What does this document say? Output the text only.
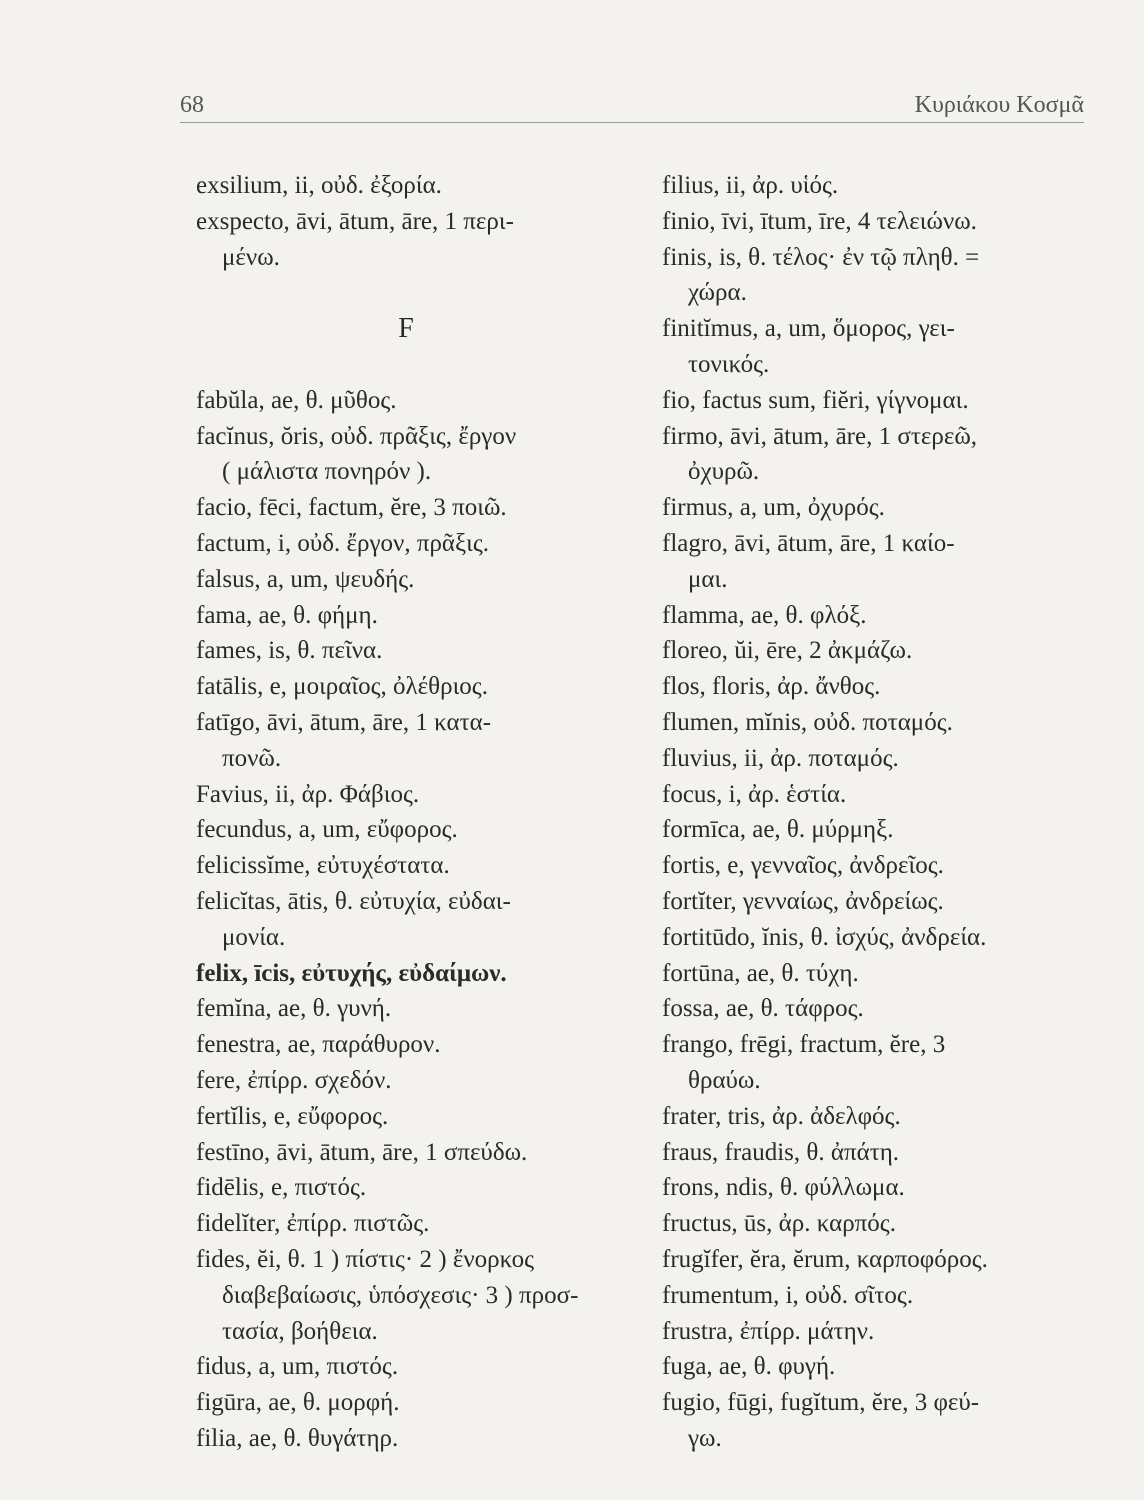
68	Κυριάκου Κοσμᾶ
exsilium, ii, οὐδ. ἐξορία.
exspecto, āvi, ātum, āre, 1 περι-
μένω.
F
fabŭla, ae, θ. μῦθος.
facĭnus, ŏris, οὐδ. πρᾶξις, ἔργον
( μάλιστα πονηρόν ).
facio, fēci, factum, ĕre, 3 ποιῶ.
factum, i, οὐδ. ἔργον, πρᾶξις.
falsus, a, um, ψευδής.
fama, ae, θ. φήμη.
fames, is, θ. πεῖνα.
fatālis, e, μοιραῖος, ὀλέθριος.
fatīgo, āvi, ātum, āre, 1 κατα-
πονῶ.
Favius, ii, ἀρ. Φάβιος.
fecundus, a, um, εὔφορος.
felicissĭme, εὐτυχέστατα.
felicĭtas, ātis, θ. εὐτυχία, εὐδαι-
μονία.
felix, īcis, εὐτυχής, εὐδαίμων.
femĭna, ae, θ. γυνή.
fenestra, ae, παράθυρον.
fere, ἐπίρρ. σχεδόν.
fertĭlis, e, εὔφορος.
festīno, āvi, ātum, āre, 1 σπεύδω.
fidēlis, e, πιστός.
fidelĭter, ἐπίρρ. πιστῶς.
fides, ĕi, θ. 1 ) πίστις· 2 ) ἔνορκος
διαβεβαίωσις, ὑπόσχεσις· 3 ) προσ-
τασία, βοήθεια.
fidus, a, um, πιστός.
figūra, ae, θ. μορφή.
filia, ae, θ. θυγάτηρ.
filius, ii, ἀρ. υἱός.
finio, īvi, ītum, īre, 4 τελειώνω.
finis, is, θ. τέλος· ἐν τῷ πληθ. =
χώρα.
finitĭmus, a, um, ὅμορος, γει-
τονικός.
fio, factus sum, fiĕri, γίγνομαι.
firmo, āvi, ātum, āre, 1 στερεῶ,
ὀχυρῶ.
firmus, a, um, ὀχυρός.
flagro, āvi, ātum, āre, 1 καίο-
μαι.
flamma, ae, θ. φλόξ.
floreo, ŭi, ēre, 2 ἀκμάζω.
flos, floris, ἀρ. ἄνθος.
flumen, mĭnis, οὐδ. ποταμός.
fluvius, ii, ἀρ. ποταμός.
focus, i, ἀρ. ἑστία.
formīca, ae, θ. μύρμηξ.
fortis, e, γενναῖος, ἀνδρεῖος.
fortĭter, γενναίως, ἀνδρείως.
fortitūdo, ĭnis, θ. ἰσχύς, ἀνδρεία.
fortūna, ae, θ. τύχη.
fossa, ae, θ. τάφρος.
frango, frēgi, fractum, ĕre, 3
θραύω.
frater, tris, ἀρ. ἀδελφός.
fraus, fraudis, θ. ἀπάτη.
frons, ndis, θ. φύλλωμα.
fructus, ūs, ἀρ. καρπός.
frugĭfer, ĕra, ĕrum, καρποφόρος.
frumentum, i, οὐδ. σῖτος.
frustra, ἐπίρρ. μάτην.
fuga, ae, θ. φυγή.
fugio, fūgi, fugĭtum, ĕre, 3 φεύ-
γω.
